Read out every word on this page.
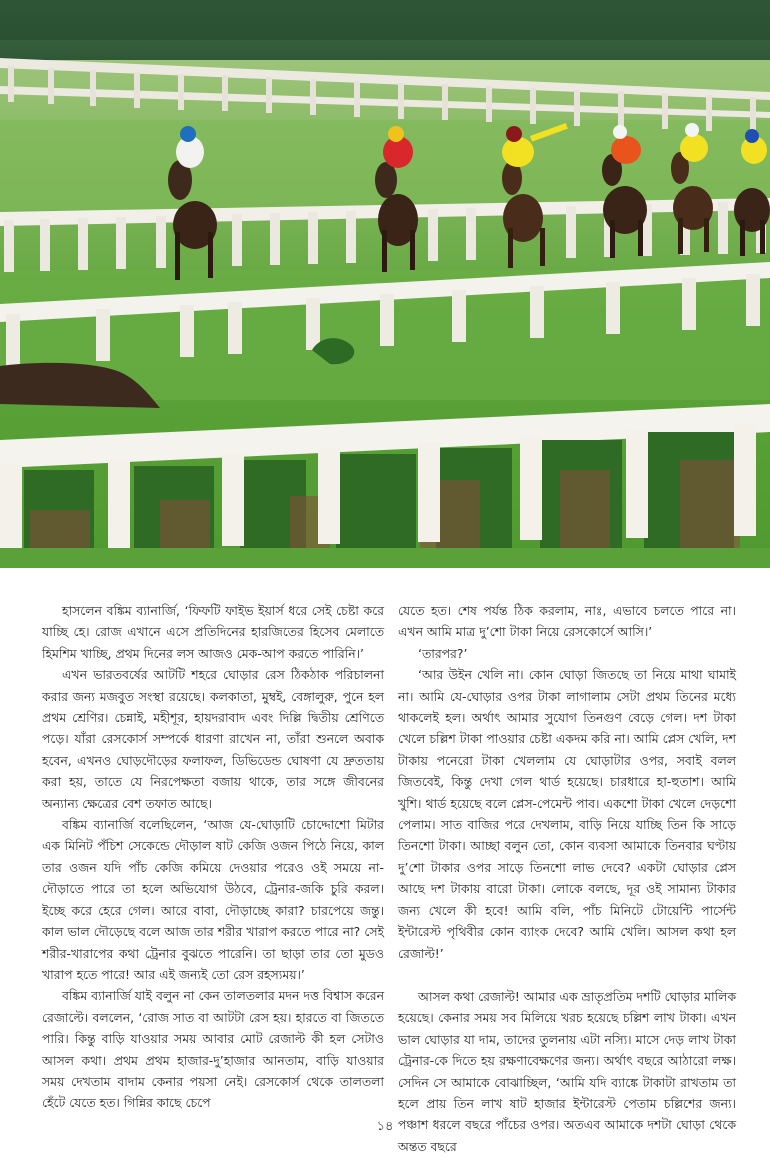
হাসলেন বঙ্কিম ব্যানার্জি, ‘ফিফটি ফাইভ ইয়ার্স ধরে সেই চেষ্টা করে যাচ্ছি হে। রোজ এখানে এসে প্রতিদিনের হারজিতের হিসেব মেলাতে হিমশিম খাচ্ছি, প্রথম দিনের লস আজও মেক-আপ করতে পারিনি।’

এখন ভারতবর্ষের আটটি শহরে ঘোড়ার রেস ঠিকঠাক পরিচালনা করার জন্য মজবুত সংস্থা রয়েছে। কলকাতা, মুম্বই, বেঙ্গালুরু, পুনে হল প্রথম শ্রেণির। চেন্নাই, মহীশূর, হায়দরাবাদ এবং দিল্লি দ্বিতীয় শ্রেণিতে পড়ে। যাঁরা রেসকোর্স সম্পর্কে ধারণা রাখেন না, তাঁরা শুনলে অবাক হবেন, এখনও ঘোড়দৌড়ের ফলাফল, ডিভিডেন্ড ঘোষণা যে দ্রুততায় করা হয়, তাতে যে নিরপেক্ষতা বজায় থাকে, তার সঙ্গে জীবনের অন্যান্য ক্ষেত্রের বেশ তফাত আছে।

বঙ্কিম ব্যানার্জি বলেছিলেন, ‘আজ যে-ঘোড়াটি চোদ্দোশো মিটার এক মিনিট পঁচিশ সেকেন্ডে দৌড়াল ষাট কেজি ওজন পিঠে নিয়ে, কাল তার ওজন যদি পাঁচ কেজি কমিয়ে দেওয়ার পরেও ওই সময়ে না-দৌড়াতে পারে তা হলে অভিযোগ উঠবে, ট্রেনার-জকি চুরি করল। ইচ্ছে করে হেরে গেল। আরে বাবা, দৌড়াচ্ছে কারা? চারপেয়ে জন্তু। কাল ভাল দৌড়েছে বলে আজ তার শরীর খারাপ করতে পারে না? সেই শরীর-খারাপের কথা ট্রেনার বুঝতে পারেনি। তা ছাড়া তার তো মুডও খারাপ হতে পারে! আর এই জন্যই তো রেস রহস্যময়।’

বঙ্কিম ব্যানার্জি যাই বলুন না কেন তালতলার মদন দত্ত বিশ্বাস করেন রেজাল্টে। বললেন, ‘রোজ সাত বা আটটা রেস হয়। হারতে বা জিততে পারি। কিন্তু বাড়ি যাওয়ার সময় আবার মোট রেজাল্ট কী হল সেটাও আসল কথা। প্রথম প্রথম হাজার-দু’হাজার আনতাম, বাড়ি যাওয়ার সময় দেখতাম বাদাম কেনার পয়সা নেই। রেসকোর্স থেকে তালতলা হেঁটে যেতে হত। গিন্নির কাছে চেপে

যেতে হত। শেষ পর্যন্ত ঠিক করলাম, নাঃ, এভাবে চলতে পারে না। এখন আমি মাত্র দু’শো টাকা নিয়ে রেসকোর্সে আসি।’

‘তারপর?’

‘আর উইন খেলি না। কোন ঘোড়া জিতছে তা নিয়ে মাথা ঘামাই না। আমি যে-ঘোড়ার ওপর টাকা লাগালাম সেটা প্রথম তিনের মধ্যে থাকলেই হল। অর্থাৎ আমার সুযোগ তিনগুণ বেড়ে গেল। দশ টাকা খেলে চল্লিশ টাকা পাওয়ার চেষ্টা একদম করি না। আমি প্লেস খেলি, দশ টাকায় পনেরো টাকা খেললাম যে ঘোড়াটার ওপর, সবাই বলল জিতবেই, কিন্তু দেখা গেল থার্ড হয়েছে। চারধারে হা-হুতাশ। আমি খুশি। থার্ড হয়েছে বলে প্লেস-পেমেন্ট পাব। একশো টাকা খেলে দেড়শো পেলাম। সাত বাজির পরে দেখলাম, বাড়ি নিয়ে যাচ্ছি তিন কি সাড়ে তিনশো টাকা। আচ্ছা বলুন তো, কোন ব্যবসা আমাকে তিনবার ঘণ্টায় দু’শো টাকার ওপর সাড়ে তিনশো লাভ দেবে? একটা ঘোড়ার প্লেস আছে দশ টাকায় বারো টাকা। লোকে বলছে, দূর ওই সামান্য টাকার জন্য খেলে কী হবে! আমি বলি, পাঁচ মিনিটে টোয়েন্টি পার্সেন্ট ইন্টারেস্ট পৃথিবীর কোন ব্যাংক দেবে? আমি খেলি। আসল কথা হল রেজাল্ট!’

আসল কথা রেজাল্ট! আমার এক ভ্রাতৃপ্রতিম দশটি ঘোড়ার মালিক হয়েছে। কেনার সময় সব মিলিয়ে খরচ হয়েছে চল্লিশ লাখ টাকা। এখন ভাল ঘোড়ার যা দাম, তাদের তুলনায় এটা নস্যি। মাসে দেড় লাখ টাকা ট্রেনার-কে দিতে হয় রক্ষণাবেক্ষণের জন্য। অর্থাৎ বছরে আঠারো লক্ষ। সেদিন সে আমাকে বোঝাচ্ছিল, ‘আমি যদি ব্যাঙ্কে টাকাটা রাখতাম তা হলে প্রায় তিন লাখ ষাট হাজার ইন্টারেস্ট পেতাম চল্লিশের জন্য। পঞ্চাশ ধরলে বছরে পাঁচের ওপর। অতএব আমাকে দশটা ঘোড়া থেকে অন্তত বছরে

১৪
